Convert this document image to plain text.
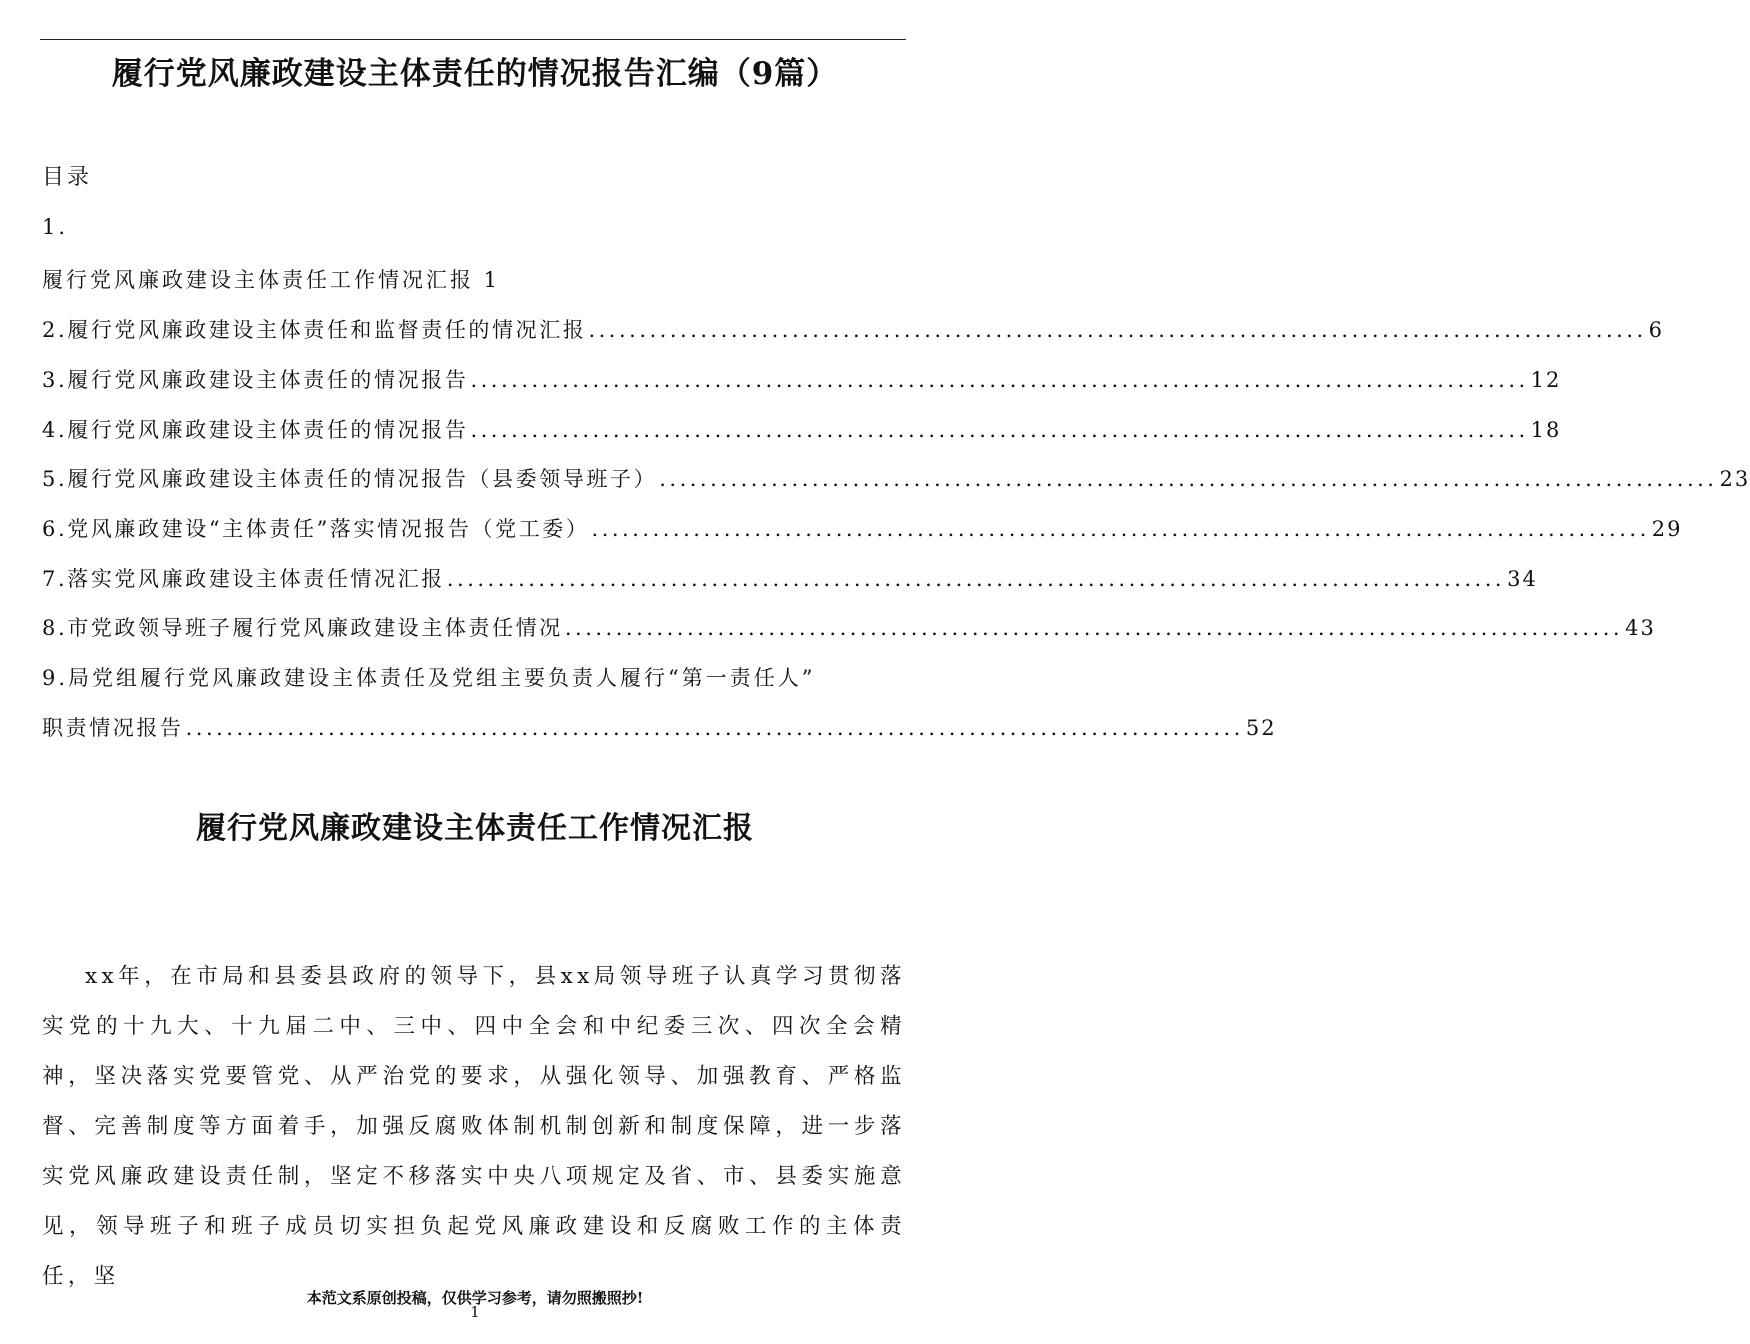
履行党风廉政建设主体责任的情况报告汇编（9篇）
目录
1.
履行党风廉政建设主体责任工作情况汇报 1
2.履行党风廉政建设主体责任和监督责任的情况汇报 ........................................................................................................ 6
3.履行党风廉政建设主体责任的情况报告 ........................................................................................................ 12
4.履行党风廉政建设主体责任的情况报告 ........................................................................................................ 18
5.履行党风廉政建设主体责任的情况报告（县委领导班子） ........................................................................................................ 23
6.党风廉政建设“主体责任”落实情况报告（党工委） ........................................................................................................ 29
7.落实党风廉政建设主体责任情况汇报 ........................................................................................................ 34
8.市党政领导班子履行党风廉政建设主体责任情况 ........................................................................................................ 43
9.局党组履行党风廉政建设主体责任及党组主要负责人履行“第一责任人”
职责情况报告 ........................................................................................................ 52
履行党风廉政建设主体责任工作情况汇报

xx年，在市局和县委县政府的领导下，县xx局领导班子认真学习贯彻落实党的十九大、十九届二中、三中、四中全会和中纪委三次、四次全会精神，坚决落实党要管党、从严治党的要求，从强化领导、加强教育、严格监督、完善制度等方面着手，加强反腐败体制机制创新和制度保障，进一步落实党风廉政建设责任制，坚定不移落实中央八项规定及省、市、县委实施意见，领导班子和班子成员切实担负起党风廉政建设和反腐败工作的主体责任，坚

本范文系原创投稿，仅供学习参考，请勿照搬照抄!
1
